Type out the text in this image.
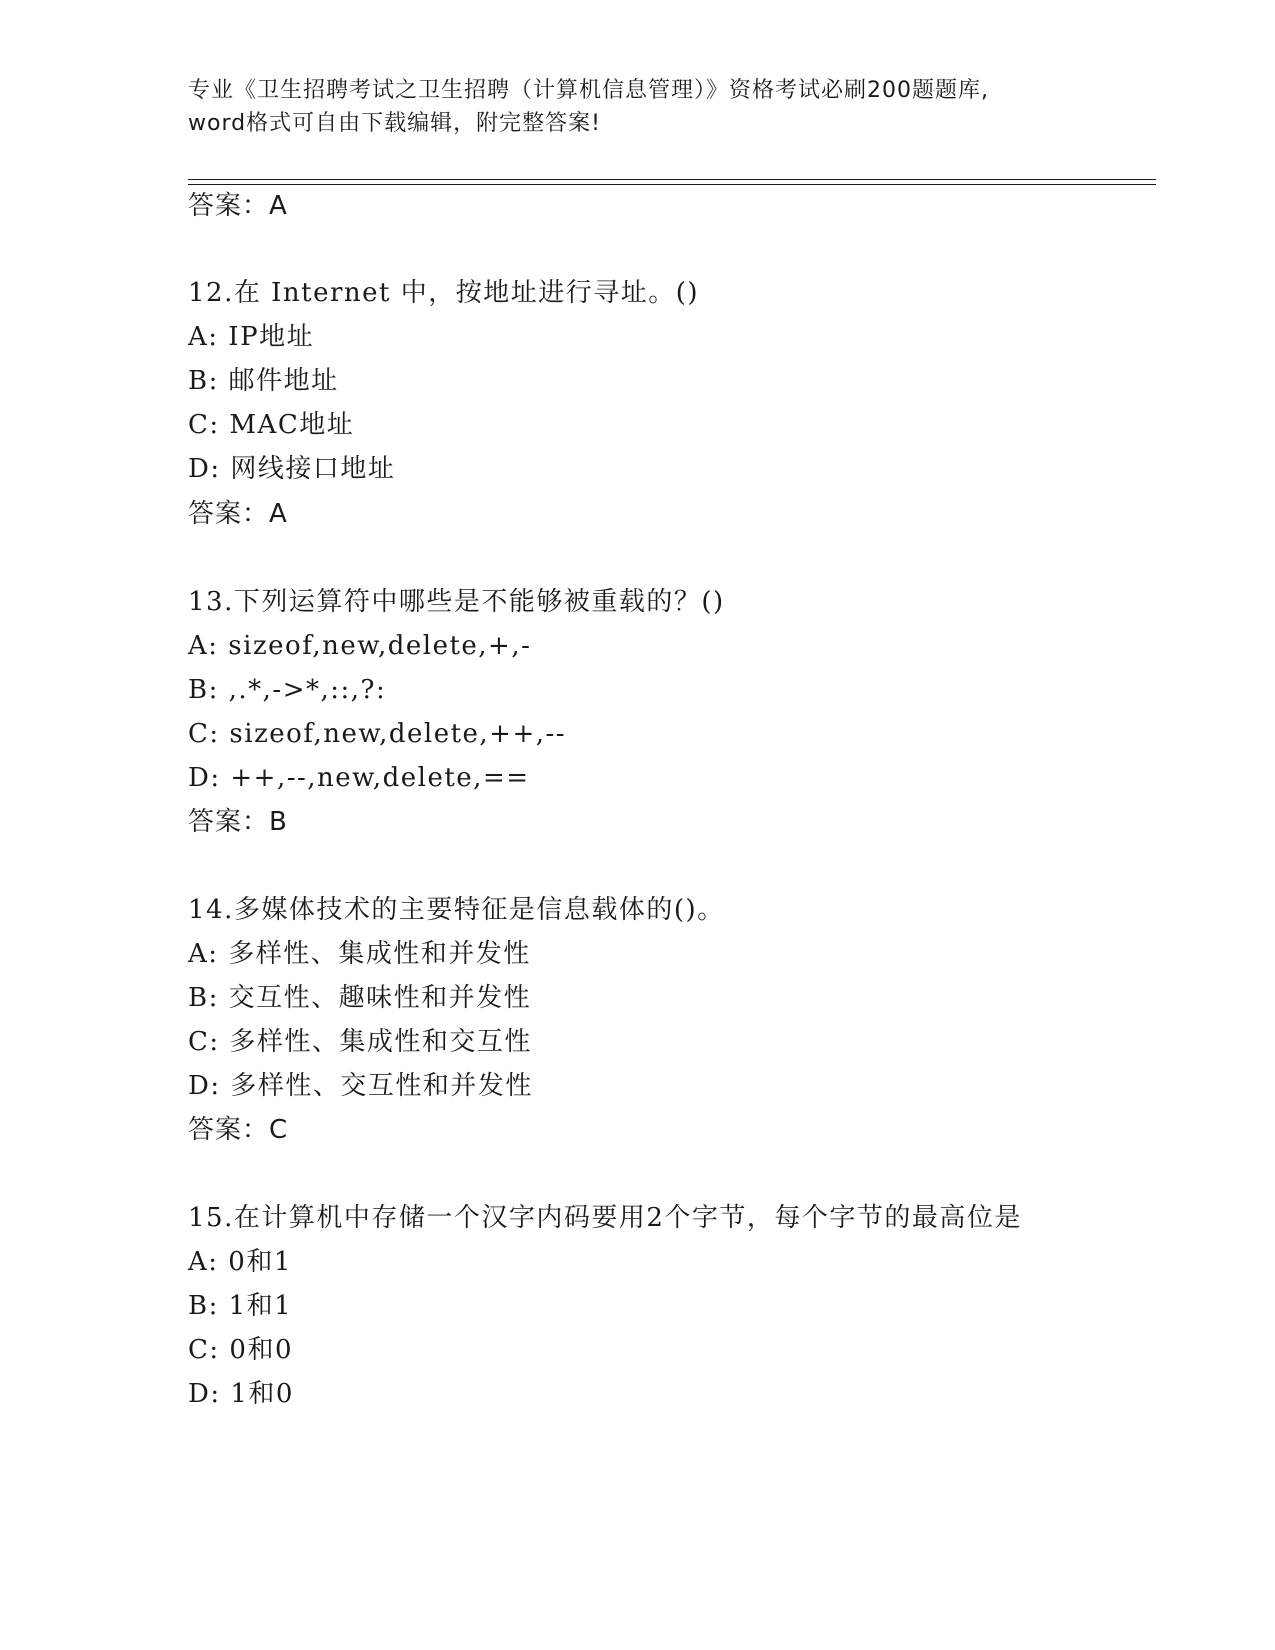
专业《卫生招聘考试之卫生招聘（计算机信息管理）》资格考试必刷200题题库,
word格式可自由下载编辑，附完整答案!
答案：A
12.在 Internet 中，按地址进行寻址。()
A: IP地址
B: 邮件地址
C: MAC地址
D: 网线接口地址
答案：A
13.下列运算符中哪些是不能够被重载的？()
A: sizeof,new,delete,+,-
B: ,.*,->*,::,?:
C: sizeof,new,delete,++,--
D: ++,--,new,delete,==
答案：B
14.多媒体技术的主要特征是信息载体的()。
A: 多样性、集成性和并发性
B: 交互性、趣味性和并发性
C: 多样性、集成性和交互性
D: 多样性、交互性和并发性
答案：C
15.在计算机中存储一个汉字内码要用2个字节，每个字节的最高位是
A: 0和1
B: 1和1
C: 0和0
D: 1和0
